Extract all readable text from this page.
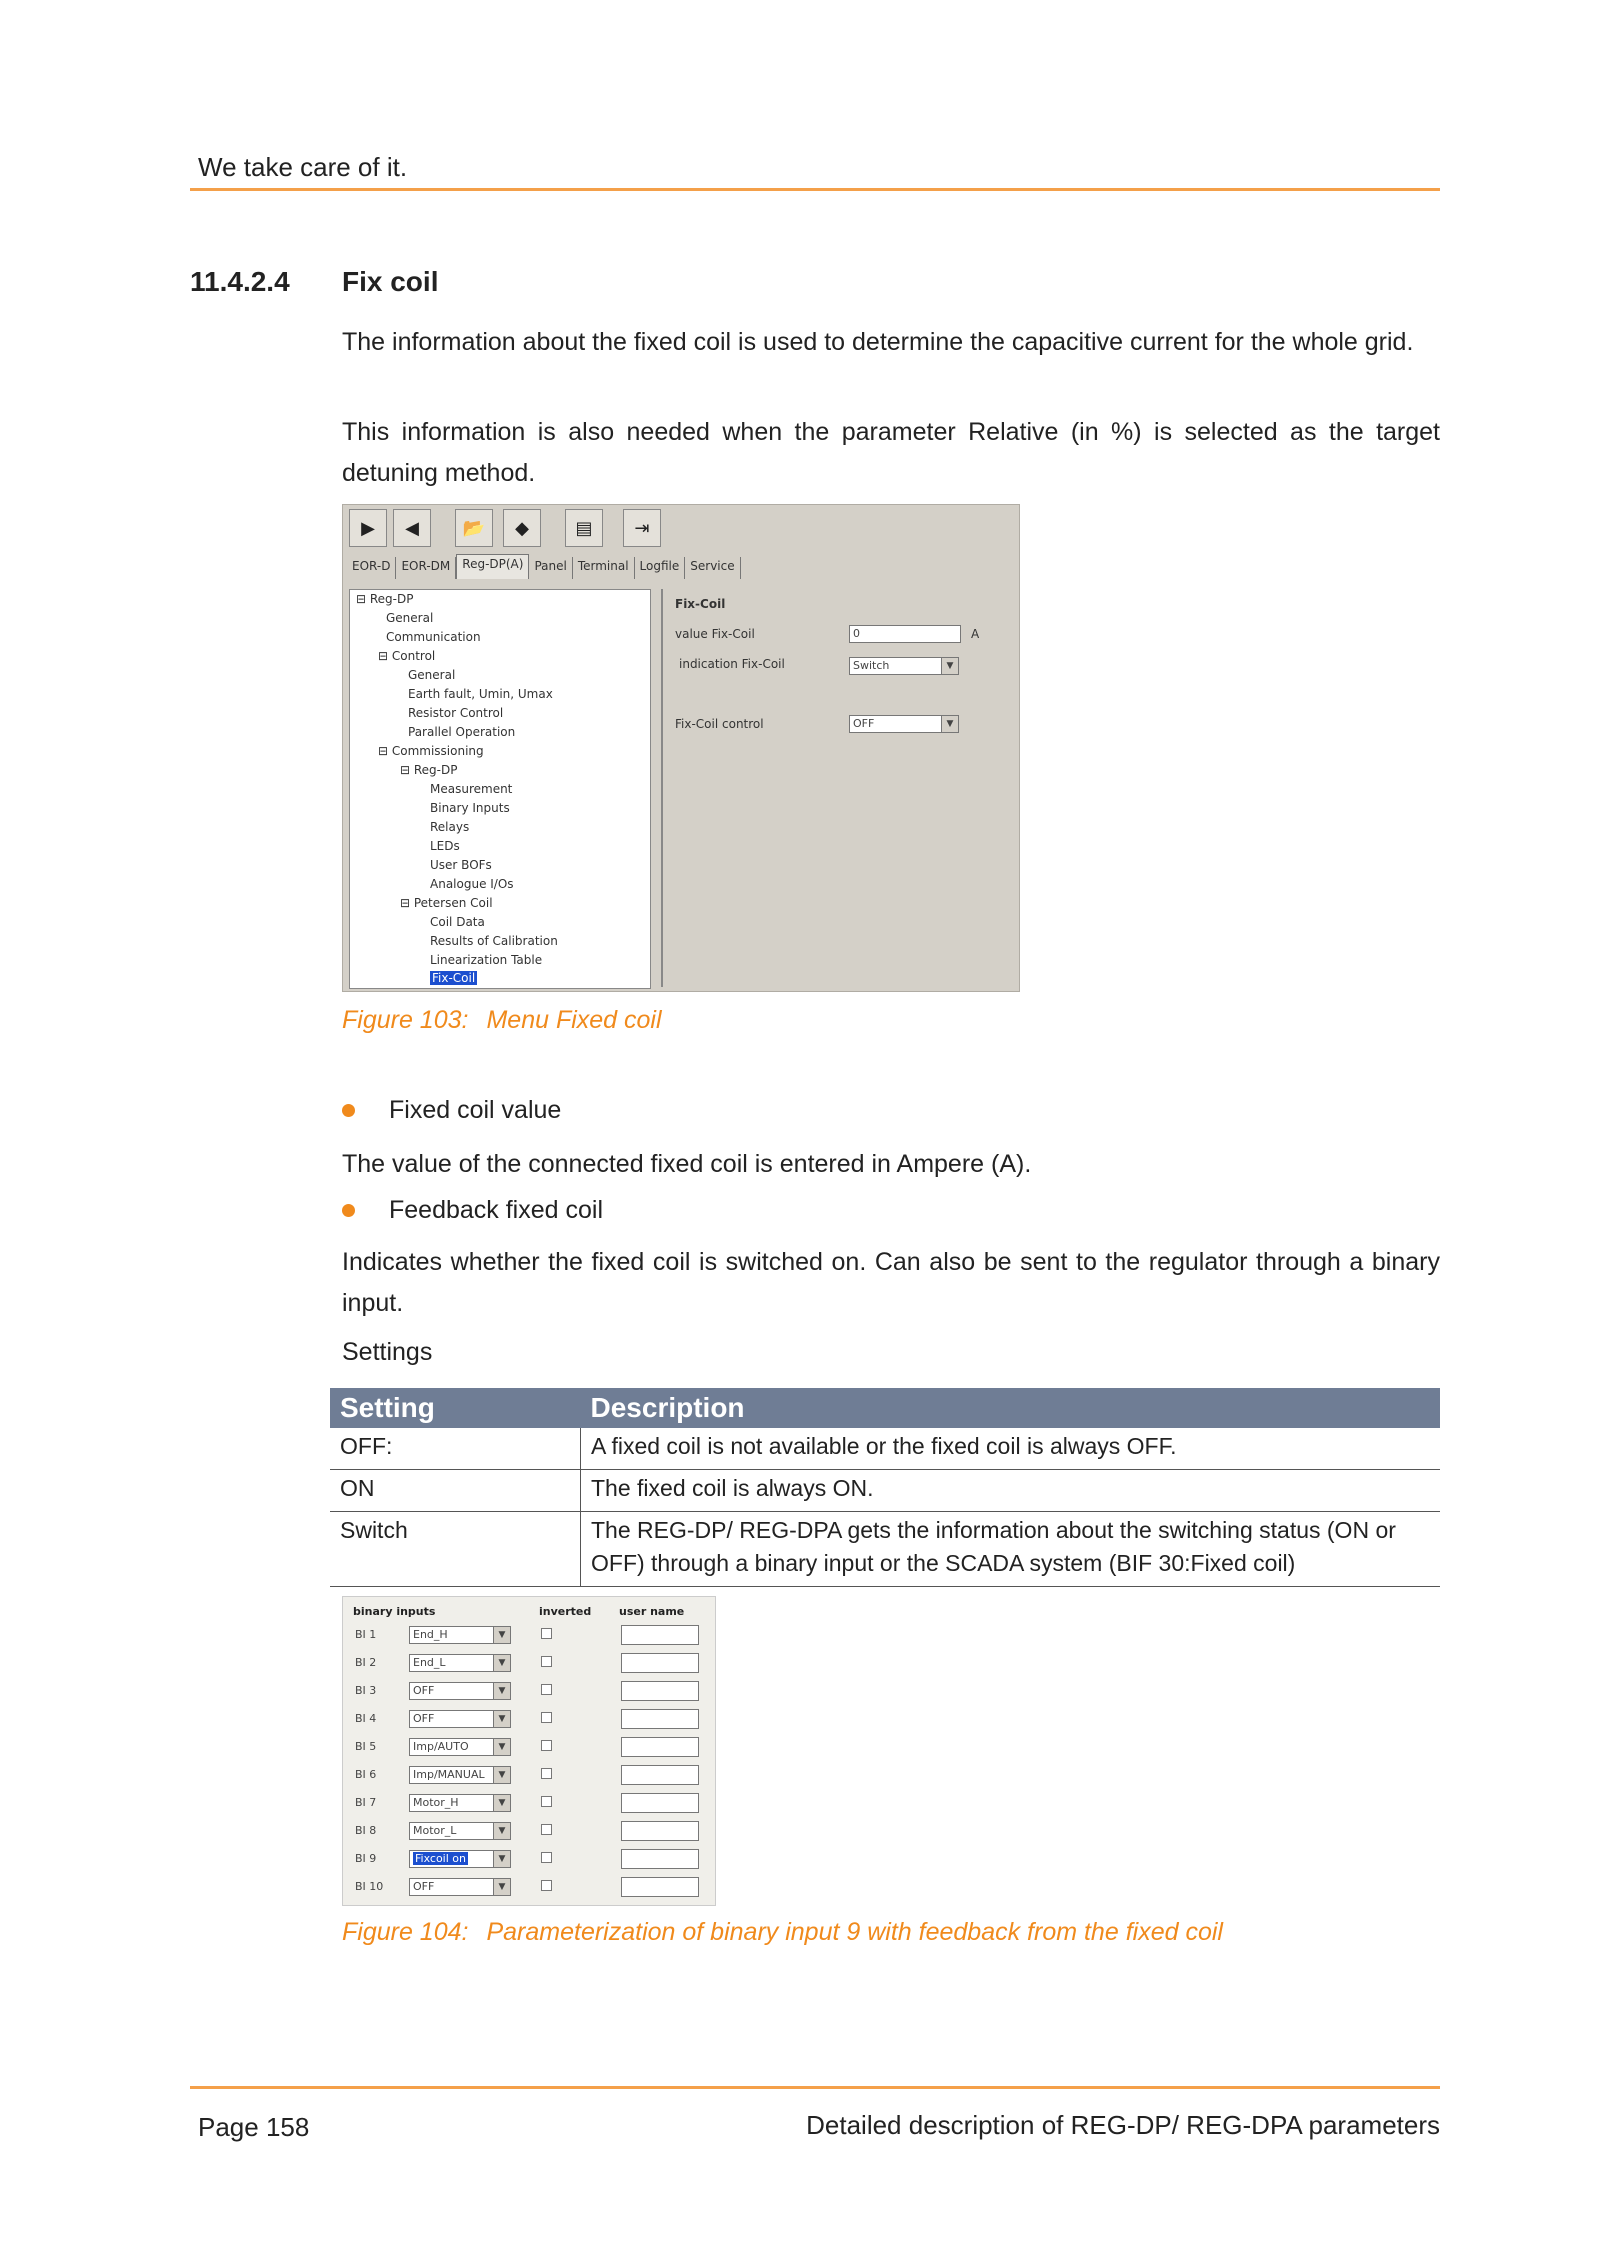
We take care of it.
11.4.2.4 Fix coil
The information about the fixed coil is used to determine the capacitive current for the whole grid.
This information is also needed when the parameter Relative (in %) is selected as the target detuning method.
▶	◀	📂	◆	▤	⇥
EOR-D EOR-DM	Reg-DP(A) Panel Terminal Logfile Service
⊟ Reg-DP
General
Communication
⊟ Control
General
Earth fault, Umin, Umax
Resistor Control
Parallel Operation
⊟ Commissioning
⊟ Reg-DP
Measurement
Binary Inputs
Relays
LEDs
User BOFs
Analogue I/Os
⊟ Petersen Coil
Coil Data
Results of Calibration
Linearization Table
Fix-Coil
Fix-Coil
value Fix-Coil	0	A
indication Fix-Coil	Switch	▼
Fix-Coil control	OFF	▼
Figure 103: Menu Fixed coil
Fixed coil value
The value of the connected fixed coil is entered in Ampere (A).
Feedback fixed coil
Indicates whether the fixed coil is switched on. Can also be sent to the regulator through a binary input.
Settings
Setting	Description
OFF:	A fixed coil is not available or the fixed coil is always OFF.
ON	The fixed coil is always ON.
Switch	The REG-DP/ REG-DPA gets the information about the switching status (ON or OFF) through a binary input or the SCADA system (BIF 30:Fixed coil)
binary inputs	inverted	user name
BI 1	End_H	▼
BI 2	End_L	▼
BI 3	OFF	▼
BI 4	OFF	▼
BI 5	Imp/AUTO	▼
BI 6	Imp/MANUAL	▼
BI 7	Motor_H	▼
BI 8	Motor_L	▼
BI 9	Fixcoil on	▼
BI 10	OFF	▼
Figure 104: Parameterization of binary input 9 with feedback from the fixed coil
Page 158	Detailed description of REG-DP/ REG-DPA parameters
